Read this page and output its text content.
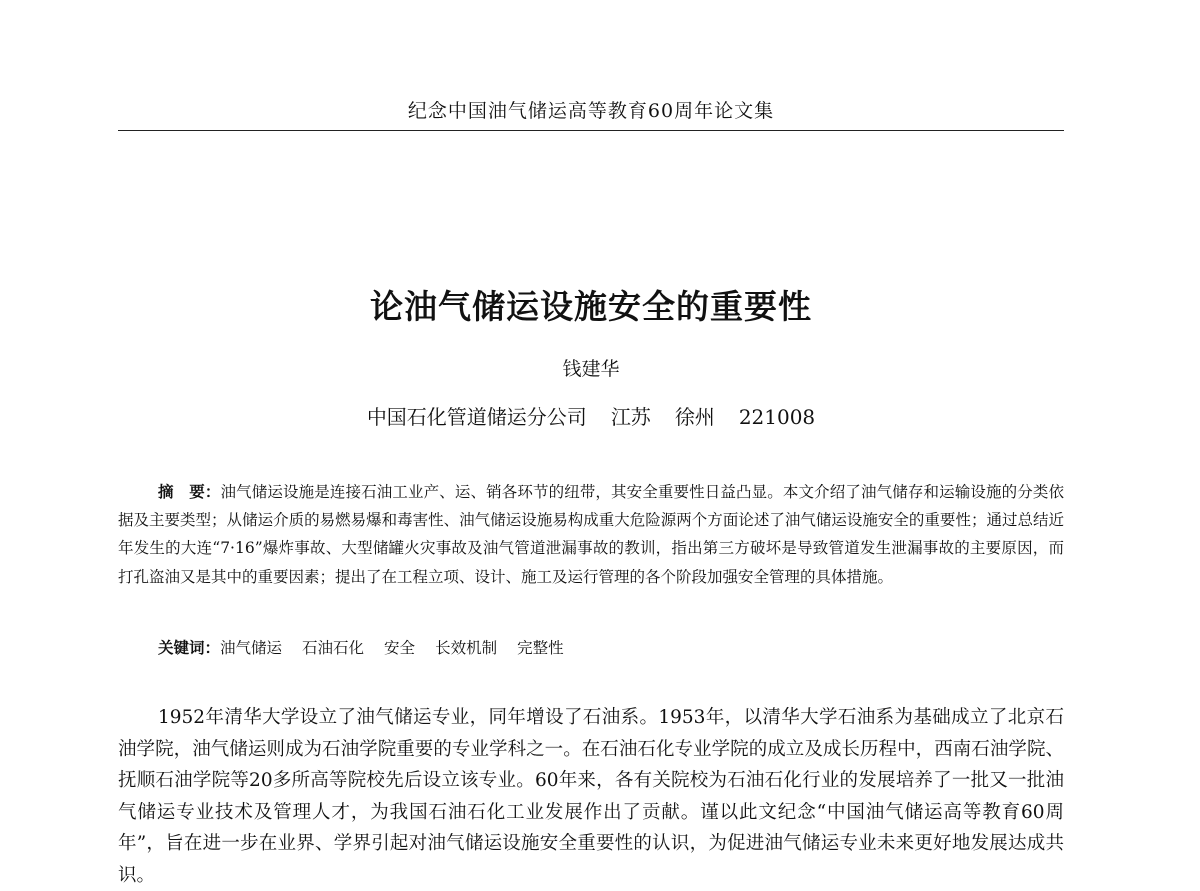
纪念中国油气储运高等教育60周年论文集
论油气储运设施安全的重要性
钱建华
中国石化管道储运分公司 江苏 徐州 221008
摘　要：油气储运设施是连接石油工业产、运、销各环节的纽带，其安全重要性日益凸显。本文介绍了油气储存和运输设施的分类依据及主要类型；从储运介质的易燃易爆和毒害性、油气储运设施易构成重大危险源两个方面论述了油气储运设施安全的重要性；通过总结近年发生的大连“7·16”爆炸事故、大型储罐火灾事故及油气管道泄漏事故的教训，指出第三方破坏是导致管道发生泄漏事故的主要原因，而打孔盗油又是其中的重要因素；提出了在工程立项、设计、施工及运行管理的各个阶段加强安全管理的具体措施。
关键词：油气储运 石油石化 安全 长效机制 完整性
1952年清华大学设立了油气储运专业，同年增设了石油系。1953年，以清华大学石油系为基础成立了北京石油学院，油气储运则成为石油学院重要的专业学科之一。在石油石化专业学院的成立及成长历程中，西南石油学院、抚顺石油学院等20多所高等院校先后设立该专业。60年来，各有关院校为石油石化行业的发展培养了一批又一批油气储运专业技术及管理人才，为我国石油石化工业发展作出了贡献。谨以此文纪念“中国油气储运高等教育60周年”，旨在进一步在业界、学界引起对油气储运设施安全重要性的认识，为促进油气储运专业未来更好地发展达成共识。
